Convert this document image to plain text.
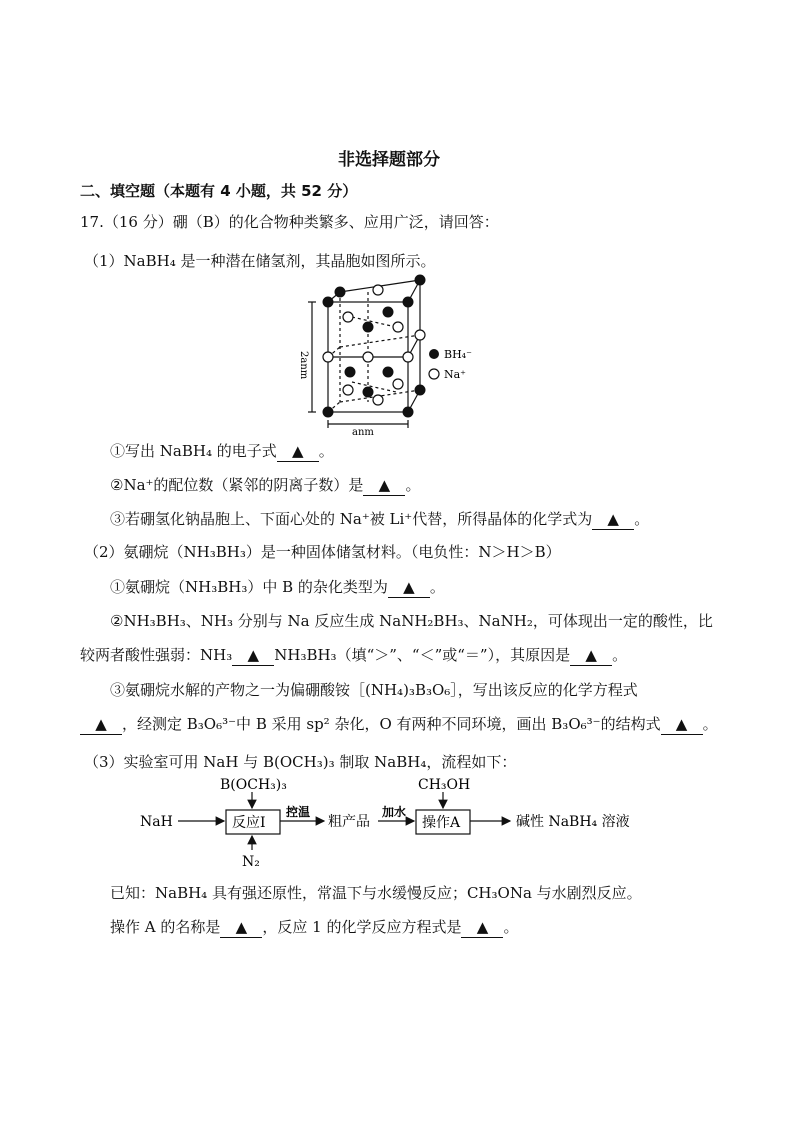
非选择题部分
二、填空题（本题有 4 小题，共 52 分）
17.（16 分）硼（B）的化合物种类繁多、应用广泛，请回答：
（1）NaBH₄ 是一种潜在储氢剂，其晶胞如图所示。
BH₄⁻
Na⁺
2anm
anm
①写出 NaBH₄ 的电子式 ▲ 。
②Na⁺的配位数（紧邻的阴离子数）是 ▲ 。
③若硼氢化钠晶胞上、下面心处的 Na⁺被 Li⁺代替，所得晶体的化学式为 ▲ 。
（2）氨硼烷（NH₃BH₃）是一种固体储氢材料。（电负性：N＞H＞B）
①氨硼烷（NH₃BH₃）中 B 的杂化类型为 ▲ 。
②NH₃BH₃、NH₃ 分别与 Na 反应生成 NaNH₂BH₃、NaNH₂，可体现出一定的酸性，比
较两者酸性强弱：NH₃ ▲ NH₃BH₃（填“＞”、“＜”或“＝”），其原因是 ▲ 。
③氨硼烷水解的产物之一为偏硼酸铵［(NH₄)₃B₃O₆］，写出该反应的化学方程式
▲ ，经测定 B₃O₆³⁻中 B 采用 sp² 杂化，O 有两种不同环境，画出 B₃O₆³⁻的结构式 ▲ 。
（3）实验室可用 NaH 与 B(OCH₃)₃ 制取 NaBH₄，流程如下：
B(OCH₃)₃
N₂
NaH	反应Ⅰ
控温
粗产品
加水
操作A
CH₃OH
碱性 NaBH₄ 溶液
已知：NaBH₄ 具有强还原性，常温下与水缓慢反应；CH₃ONa 与水剧烈反应。
操作 A 的名称是 ▲ ，反应 1 的化学反应方程式是 ▲ 。
